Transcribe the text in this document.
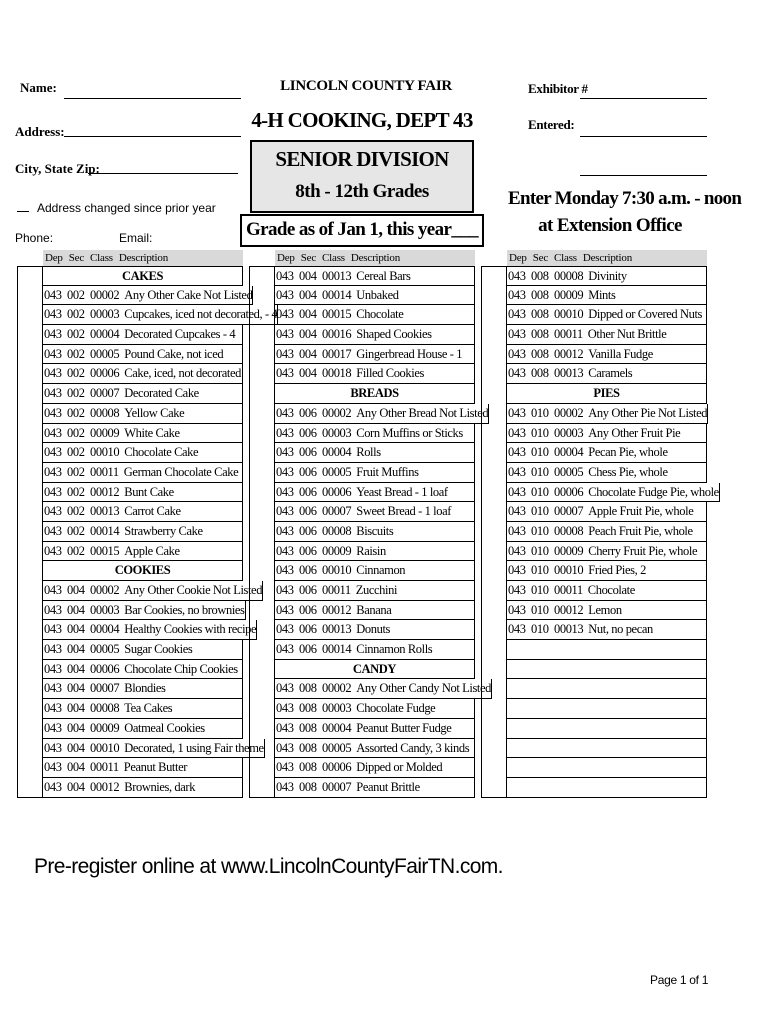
Name:
Address:
City, State Zip:
Address changed since prior year
Phone:	Email:
LINCOLN COUNTY FAIR
4-H COOKING, DEPT 43
SENIOR DIVISION
8th - 12th Grades
Grade as of Jan 1, this year___
Exhibitor #
Entered:
Enter Monday 7:30 a.m. - noon
at Extension Office
Dep Sec Class Description
CAKES
043  002  00002 Any Other Cake Not Listed
043  002  00003 Cupcakes, iced not decorated, - 4
043  002  00004 Decorated Cupcakes - 4
043  002  00005 Pound Cake, not iced
043  002  00006 Cake, iced, not decorated
043  002  00007 Decorated Cake
043  002  00008 Yellow Cake
043  002  00009 White Cake
043  002  00010 Chocolate Cake
043  002  00011 German Chocolate Cake
043  002  00012 Bunt Cake
043  002  00013 Carrot Cake
043  002  00014 Strawberry Cake
043  002  00015 Apple Cake
COOKIES
043  004  00002 Any Other Cookie Not Listed
043  004  00003 Bar Cookies, no brownies
043  004  00004 Healthy Cookies with recipe
043  004  00005 Sugar Cookies
043  004  00006 Chocolate Chip Cookies
043  004  00007 Blondies
043  004  00008 Tea Cakes
043  004  00009 Oatmeal Cookies
043  004  00010 Decorated, 1 using Fair theme
043  004  00011 Peanut Butter
043  004  00012 Brownies, dark
Dep Sec Class Description
043  004  00013 Cereal Bars
043  004  00014 Unbaked
043  004  00015 Chocolate
043  004  00016 Shaped Cookies
043  004  00017 Gingerbread House - 1
043  004  00018 Filled Cookies
BREADS
043  006  00002 Any Other Bread Not Listed
043  006  00003 Corn Muffins or Sticks
043  006  00004 Rolls
043  006  00005 Fruit Muffins
043  006  00006 Yeast Bread - 1 loaf
043  006  00007 Sweet Bread - 1 loaf
043  006  00008 Biscuits
043  006  00009 Raisin
043  006  00010 Cinnamon
043  006  00011 Zucchini
043  006  00012 Banana
043  006  00013 Donuts
043  006  00014 Cinnamon Rolls
CANDY
043  008  00002 Any Other Candy Not Listed
043  008  00003 Chocolate Fudge
043  008  00004 Peanut Butter Fudge
043  008  00005 Assorted Candy, 3 kinds
043  008  00006 Dipped or Molded
043  008  00007 Peanut Brittle
Dep Sec Class Description
043  008  00008 Divinity
043  008  00009 Mints
043  008  00010 Dipped or Covered Nuts
043  008  00011 Other Nut Brittle
043  008  00012 Vanilla Fudge
043  008  00013 Caramels
PIES
043  010  00002 Any Other Pie Not Listed
043  010  00003 Any Other Fruit Pie
043  010  00004 Pecan Pie, whole
043  010  00005 Chess Pie, whole
043  010  00006 Chocolate Fudge Pie, whole
043  010  00007 Apple Fruit Pie, whole
043  010  00008 Peach Fruit Pie, whole
043  010  00009 Cherry Fruit Pie, whole
043  010  00010 Fried Pies, 2
043  010  00011 Chocolate
043  010  00012 Lemon
043  010  00013 Nut, no pecan
Pre-register online at www.LincolnCountyFairTN.com.
Page 1 of 1
